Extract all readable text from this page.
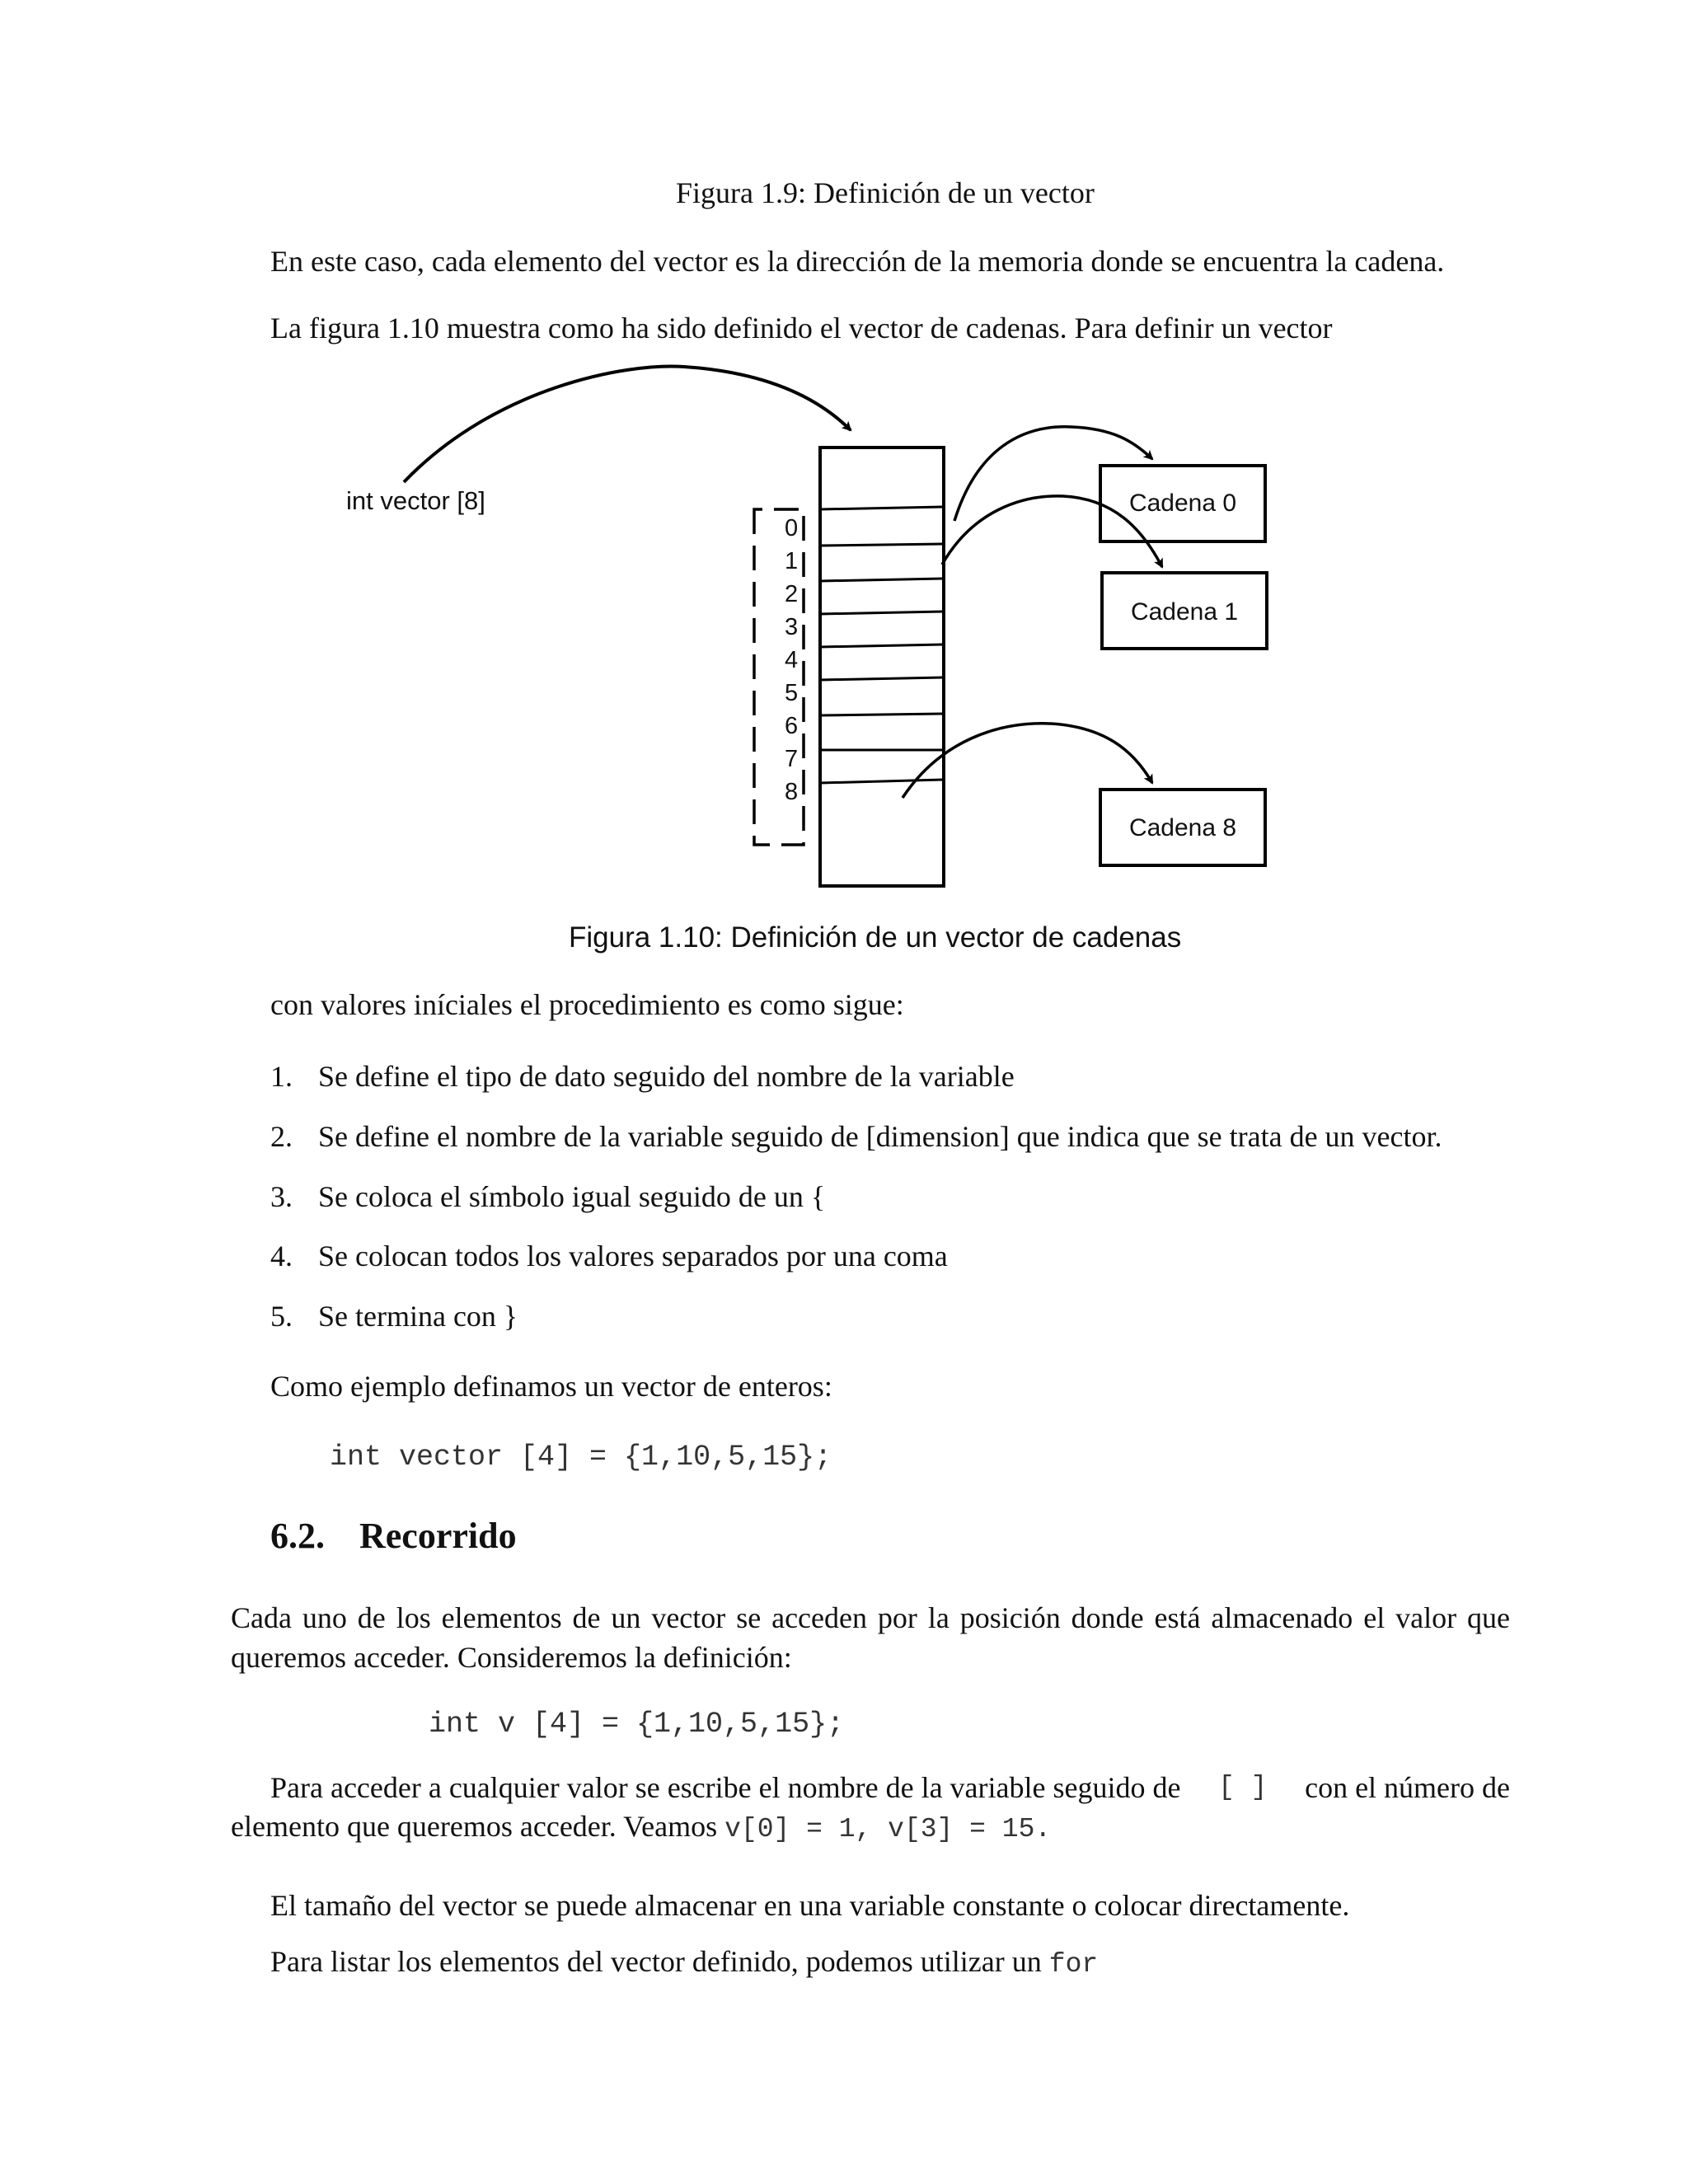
Figura 1.9: Definición de un vector
En este caso, cada elemento del vector es la dirección de la memoria donde se encuentra la cadena.
La figura 1.10 muestra como ha sido definido el vector de cadenas. Para definir un vector
int vector [8]
0
1
2
3
4
5
6
7
8
Cadena 0
Cadena 1
Cadena 8
Figura 1.10: Definición de un vector de cadenas
con valores iníciales el procedimiento es como sigue:
1. Se define el tipo de dato seguido del nombre de la variable
2. Se define el nombre de la variable seguido de [dimension] que indica que se trata de un vector.
3. Se coloca el símbolo igual seguido de un {
4. Se colocan todos los valores separados por una coma
5. Se termina con }
Como ejemplo definamos un vector de enteros:
int vector [4] = {1,10,5,15};
6.2. Recorrido
Cada uno de los elementos de un vector se acceden por la posición donde está almacenado el valor que
queremos acceder. Consideremos la definición:
int v [4] = {1,10,5,15};
Para acceder a cualquier valor se escribe el nombre de la variable seguido de [ ] con el número de
elemento que queremos acceder. Veamos v[0] = 1, v[3] = 15.
El tamaño del vector se puede almacenar en una variable constante o colocar directamente.
Para listar los elementos del vector definido, podemos utilizar un for
